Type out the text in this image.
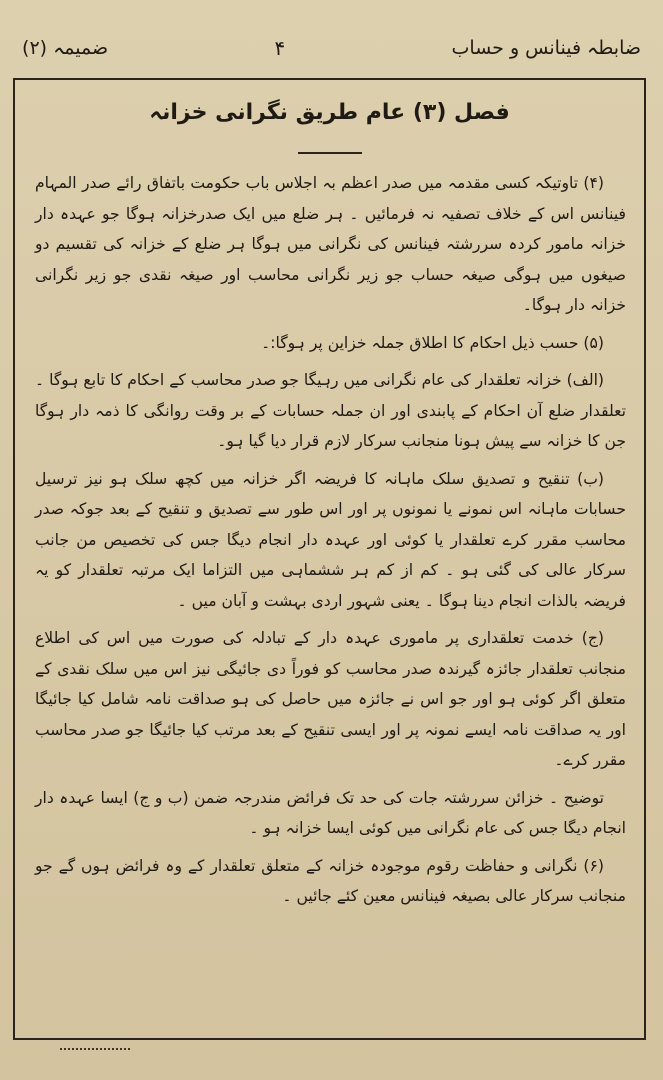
ضابطہ فینانس و حساب
۴
ضمیمہ (۲)
فصل (۳) عام طریق نگرانی خزانہ

(۴) تاوتیکہ کسی مقدمہ میں صدر اعظم بہ اجلاس باب حکومت باتفاق رائے صدر المہام فینانس اس کے خلاف تصفیہ نہ فرمائیں ۔ ہر ضلع میں ایک صدرخزانہ ہوگا جو عہدہ دار خزانہ مامور کردہ سررشتہ فینانس کی نگرانی میں ہوگا ہر ضلع کے خزانہ کی تقسیم دو صیغوں میں ہوگی صیغہ حساب جو زیر نگرانی محاسب اور صیغہ نقدی جو زیر نگرانی خزانہ دار ہوگا۔

(۵) حسب ذیل احکام کا اطلاق جملہ خزاین پر ہوگا:۔

(الف) خزانہ تعلقدار کی عام نگرانی میں رہیگا جو صدر محاسب کے احکام کا تابع ہوگا ۔ تعلقدار ضلع آن احکام کے پابندی اور ان جملہ حسابات کے بر وقت روانگی کا ذمہ دار ہوگا جن کا خزانہ سے پیش ہونا منجانب سرکار لازم قرار دیا گیا ہو۔

(ب) تنقیح و تصدیق سلک ماہانہ کا فریضہ اگر خزانہ میں کچھ سلک ہو نیز ترسیل حسابات ماہانہ اس نمونے یا نمونوں پر اور اس طور سے تصدیق و تنقیح کے بعد جوکہ صدر محاسب مقرر کرے تعلقدار یا کوئی اور عہدہ دار انجام دیگا جس کی تخصیص من جانب سرکار عالی کی گئی ہو ۔ کم از کم ہر ششماہی میں التزاما ایک مرتبہ تعلقدار کو یہ فریضہ بالذات انجام دینا ہوگا ۔ یعنی شہور اردی بہشت و آبان میں ۔

(ج) خدمت تعلقداری پر ماموری عہدہ دار کے تبادلہ کی صورت میں اس کی اطلاع منجانب تعلقدار جائزہ گیرندہ صدر محاسب کو فوراً دی جائیگی نیز اس میں سلک نقدی کے متعلق اگر کوئی ہو اور جو اس نے جائزہ میں حاصل کی ہو صداقت نامہ شامل کیا جائیگا اور یہ صداقت نامہ ایسے نمونہ پر اور ایسی تنقیح کے بعد مرتب کیا جائیگا جو صدر محاسب مقرر کرے۔

توضیح ۔ خزائن سررشتہ جات کی حد تک فرائض مندرجہ ضمن (ب و ج) ایسا عہدہ دار انجام دیگا جس کی عام نگرانی میں کوئی ایسا خزانہ ہو ۔

(۶) نگرانی و حفاظت رقوم موجودہ خزانہ کے متعلق تعلقدار کے وہ فرائض ہوں گے جو منجانب سرکار عالی بصیغہ فینانس معین کئے جائیں ۔
